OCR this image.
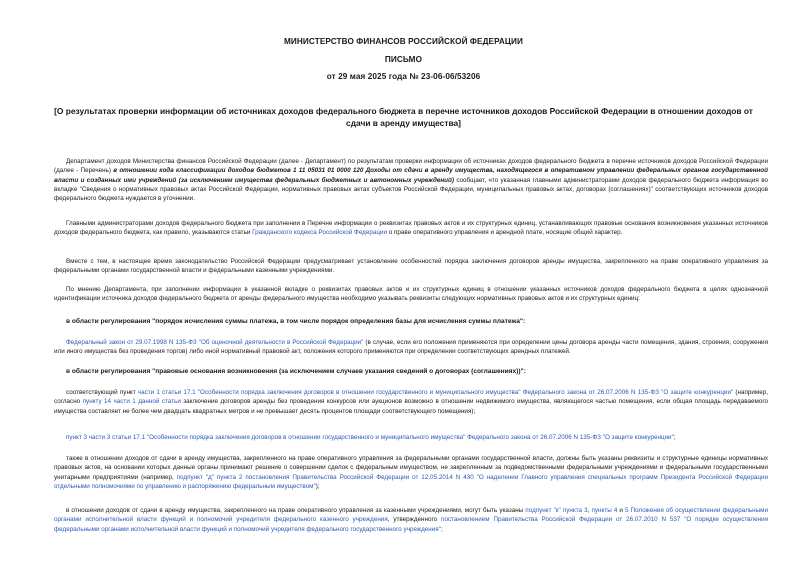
МИНИСТЕРСТВО ФИНАНСОВ РОССИЙСКОЙ ФЕДЕРАЦИИ
ПИСЬМО
от 29 мая 2025 года № 23-06-06/53206
[О результатах проверки информации об источниках доходов федерального бюджета в перечне источников доходов Российской Федерации в отношении доходов от сдачи в аренду имущества]
Департамент доходов Министерства финансов Российской Федерации (далее - Департамент) по результатам проверки информации об источниках доходов федерального бюджета в перечне источников доходов Российской Федерации (далее - Перечень) в отношении кода классификации доходов бюджетов 1 11 05031 01 0000 120 Доходы от сдачи в аренду имущества, находящегося в оперативном управлении федеральных органов государственной власти и созданных ими учреждений (за исключением имущества федеральных бюджетных и автономных учреждений) сообщает, что указанная главными администраторами доходов федерального бюджета информация во вкладке "Сведения о нормативных правовых актах Российской Федерации, нормативных правовых актах субъектов Российской Федерации, муниципальных правовых актах, договорах (соглашениях)" соответствующих источников доходов федерального бюджета нуждается в уточнении.
Главными администраторами доходов федерального бюджета при заполнении в Перечне информации о реквизитах правовых актов и их структурных единиц, устанавливающих правовые основания возникновения указанных источников доходов федерального бюджета, как правило, указываются статьи Гражданского кодекса Российской Федерации о праве оперативного управления и арендной плате, носящие общий характер.
Вместе с тем, в настоящее время законодательство Российской Федерации предусматривает установление особенностей порядка заключения договоров аренды имущества, закрепленного на праве оперативного управления за федеральными органами государственной власти и федеральными казенными учреждениями.
По мнению Департамента, при заполнении информации в указанной вкладке о реквизитах правовых актов и их структурных единиц в отношении указанных источников доходов федерального бюджета в целях однозначной идентификации источника доходов федерального бюджета от аренды федерального имущества необходимо указывать реквизиты следующих нормативных правовых актов и их структурных единиц:
в области регулирования "порядок исчисления суммы платежа, в том числе порядок определения базы для исчисления суммы платежа":
Федеральный закон от 29.07.1998 N 135-ФЗ "Об оценочной деятельности в Российской Федерации" (в случае, если его положения применяются при определении цены договора аренды части помещения, здания, строения, сооружения или иного имущества без проведения торгов) либо иной нормативный правовой акт, положения которого применяются при определении соответствующих арендных платежей.
в области регулирования "правовые основания возникновения (за исключением случаев указания сведений о договорах (соглашениях))":
соответствующий пункт части 1 статьи 17.1 "Особенности порядка заключения договоров в отношении государственного и муниципального имущества" Федерального закона от 26.07.2006 N 135-ФЗ "О защите конкуренции" (например, согласно пункту 14 части 1 данной статьи заключение договоров аренды без проведения конкурсов или аукционов возможно в отношении недвижимого имущества, являющегося частью помещения, если общая площадь передаваемого имущества составляет не более чем двадцать квадратных метров и не превышает десять процентов площади соответствующего помещения);
пункт 3 части 3 статьи 17.1 "Особенности порядка заключения договоров в отношении государственного и муниципального имущества" Федерального закона от 26.07.2006 N 135-ФЗ "О защите конкуренции";
также в отношении доходов от сдачи в аренду имущества, закрепленного на праве оперативного управления за федеральными органами государственной власти, должны быть указаны реквизиты и структурные единицы нормативных правовых актов, на основании которых данные органы принимают решение о совершении сделок с федеральным имуществом, не закрепленным за подведомственными федеральными учреждениями и федеральными государственными унитарными предприятиями (например, подпункт "д" пункта 2 постановления Правительства Российской Федерации от 12.05.2014 N 430 "О наделении Главного управления специальных программ Президента Российской Федерации отдельными полномочиями по управлению и распоряжению федеральным имуществом");
в отношении доходов от сдачи в аренду имущества, закрепленного на праве оперативного управления за казенными учреждениями, могут быть указаны подпункт "к" пункта 3, пункты 4 и 5 Положения об осуществлении федеральными органами исполнительной власти функций и полномочий учредителя федерального казенного учреждения, утвержденного постановлением Правительства Российской Федерации от 26.07.2010 N 537 "О порядке осуществления федеральными органами исполнительной власти функций и полномочий учредителя федерального государственного учреждения";
